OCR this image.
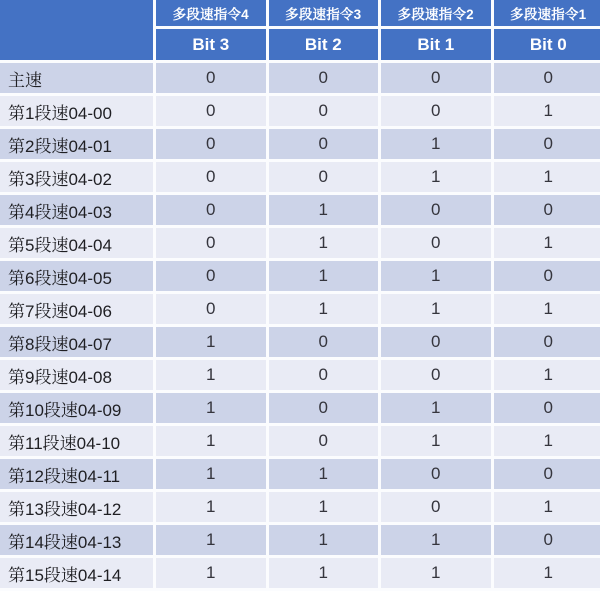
	多段速指令4	多段速指令3	多段速指令2	多段速指令1
	Bit 3	Bit 2	Bit 1	Bit 0
主速	0	0	0	0
第1段速04-00	0	0	0	1
第2段速04-01	0	0	1	0
第3段速04-02	0	0	1	1
第4段速04-03	0	1	0	0
第5段速04-04	0	1	0	1
第6段速04-05	0	1	1	0
第7段速04-06	0	1	1	1
第8段速04-07	1	0	0	0
第9段速04-08	1	0	0	1
第10段速04-09	1	0	1	0
第11段速04-10	1	0	1	1
第12段速04-11	1	1	0	0
第13段速04-12	1	1	0	1
第14段速04-13	1	1	1	0
第15段速04-14	1	1	1	1
